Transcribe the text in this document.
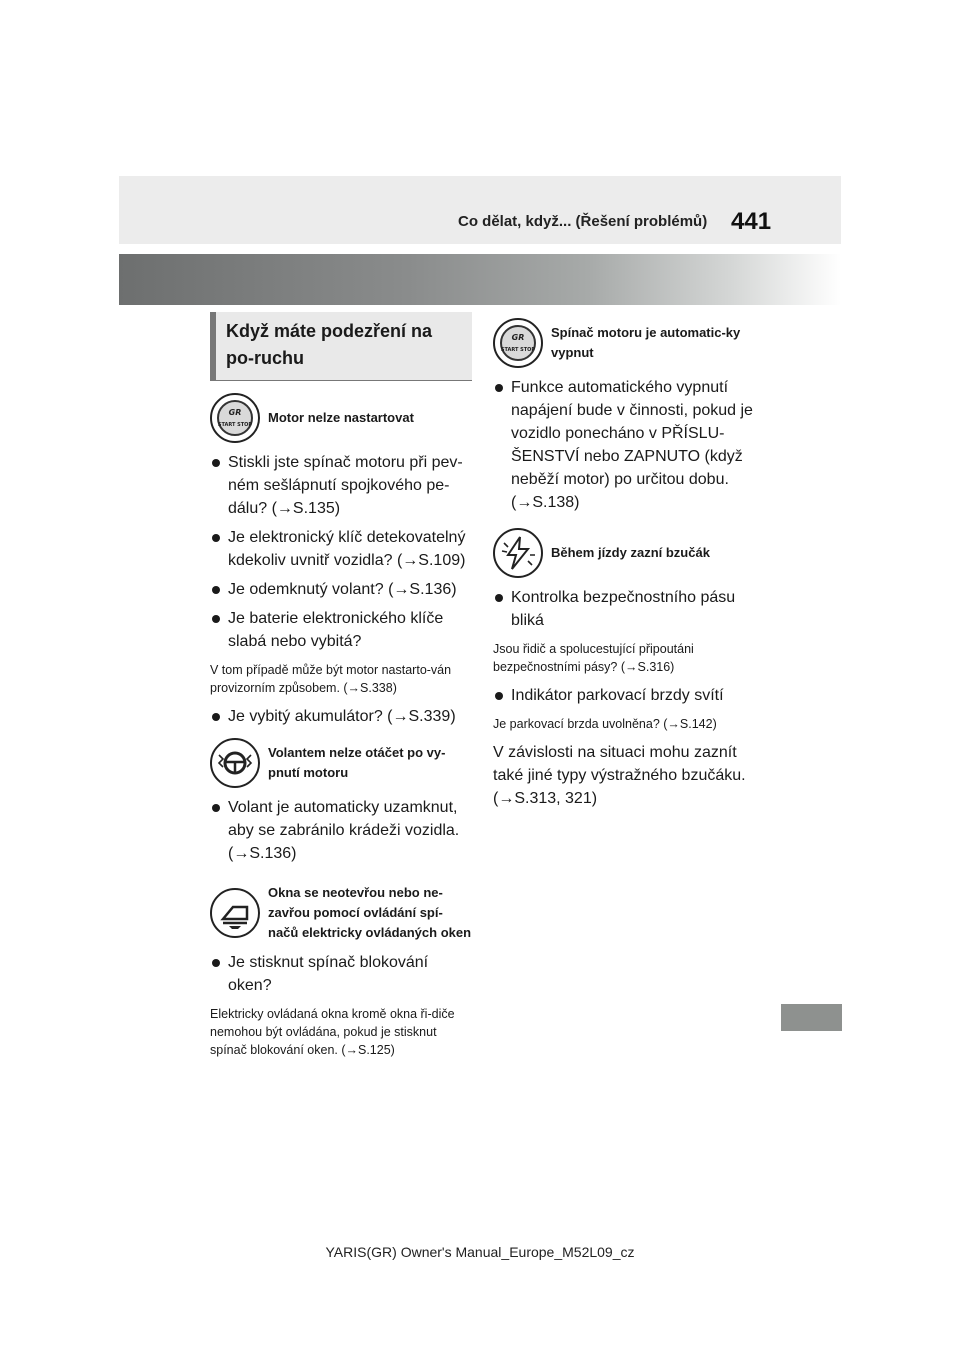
Co dělat, když... (Řešení problémů) 441
Když máte podezření na po-ruchu
GR
START STOP Motor nelze nastartovat
Stiskli jste spínač motoru při pev-ném sešlápnutí spojkového pe-dálu? (→S.135)
Je elektronický klíč detekovatelný kdekoliv uvnitř vozidla? (→S.109)
Je odemknutý volant? (→S.136)
Je baterie elektronického klíče slabá nebo vybitá?
V tom případě může být motor nastarto-ván provizorním způsobem. (→S.338)
Je vybitý akumulátor? (→S.339)
Volantem nelze otáčet po vy-pnutí motoru
Volant je automaticky uzamknut, aby se zabránilo krádeži vozidla. (→S.136)
Okna se neotevřou nebo ne-zavřou pomocí ovládání spí-načů elektricky ovládaných oken
Je stisknut spínač blokování oken?
Elektricky ovládaná okna kromě okna ři-diče nemohou být ovládána, pokud je stisknut spínač blokování oken. (→S.125)
GR
START STOP
Spínač motoru je automatic-ky vypnut
Funkce automatického vypnutí napájení bude v činnosti, pokud je vozidlo ponecháno v PŘÍSLU-ŠENSTVÍ nebo ZAPNUTO (když neběží motor) po určitou dobu. (→S.138)
Během jízdy zazní bzučák
Kontrolka bezpečnostního pásu bliká
Jsou řidič a spolucestující připoutáni bezpečnostními pásy? (→S.316)
Indikátor parkovací brzdy svítí
Je parkovací brzda uvolněna? (→S.142)
V závislosti na situaci mohu zaznít také jiné typy výstražného bzučáku. (→S.313, 321)
YARIS(GR) Owner's Manual_Europe_M52L09_cz
